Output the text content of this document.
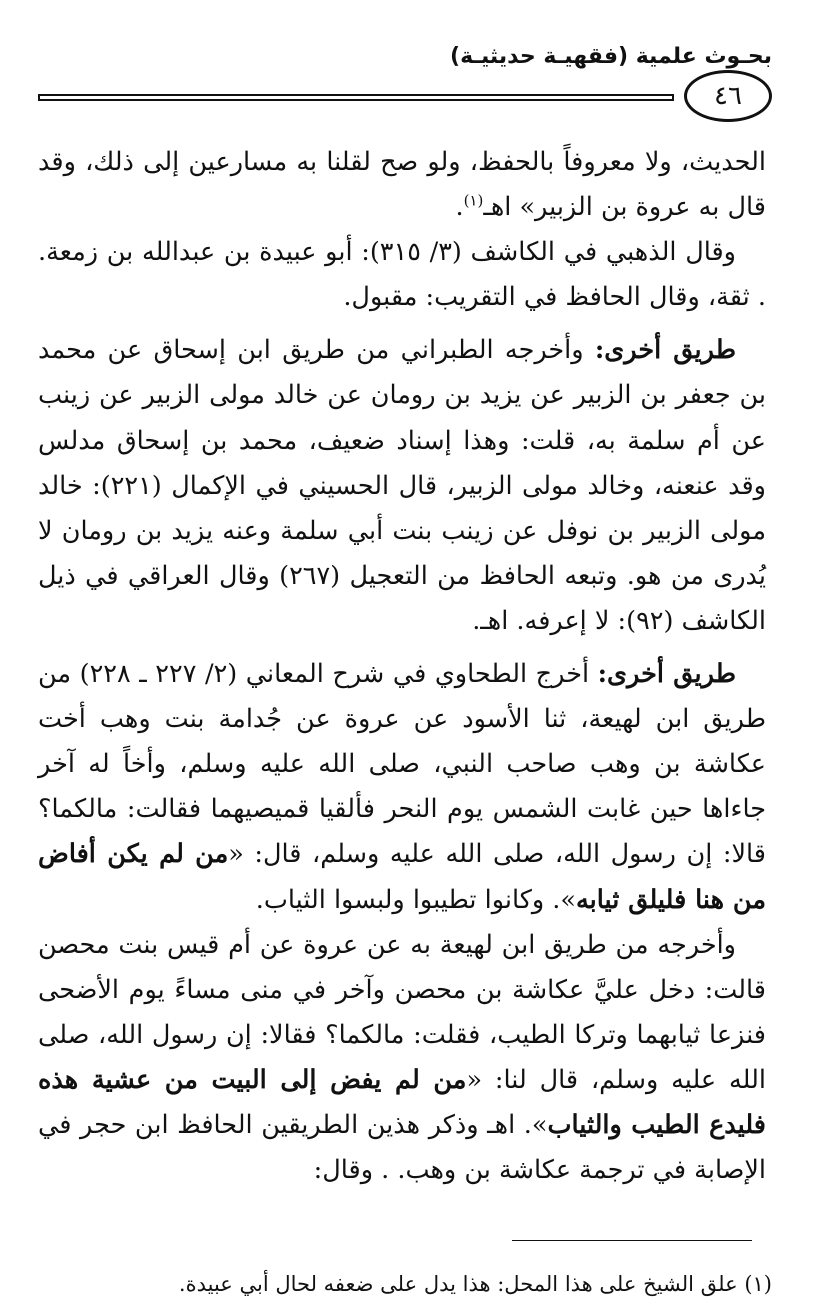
بحـوث علمية (فقهيـة حديثيـة)
٤٦

الحديث، ولا معروفاً بالحفظ، ولو صح لقلنا به مسارعين إلى ذلك، وقد قال به عروة بن الزبير» اهـ$^{(١)}$.

وقال الذهبي في الكاشف (٣/ ٣١٥): أبو عبيدة بن عبدالله بن زمعة. . ثقة، وقال الحافظ في التقريب: مقبول.

طريق أخرى: وأخرجه الطبراني من طريق ابن إسحاق عن محمد بن جعفر بن الزبير عن يزيد بن رومان عن خالد مولى الزبير عن زينب عن أم سلمة به، قلت: وهذا إسناد ضعيف، محمد بن إسحاق مدلس وقد عنعنه، وخالد مولى الزبير، قال الحسيني في الإكمال (٢٢١): خالد مولى الزبير بن نوفل عن زينب بنت أبي سلمة وعنه يزيد بن رومان لا يُدرى من هو. وتبعه الحافظ من التعجيل (٢٦٧) وقال العراقي في ذيل الكاشف (٩٢): لا إعرفه. اهـ.

طريق أخرى: أخرج الطحاوي في شرح المعاني (٢/ ٢٢٧ ـ ٢٢٨) من طريق ابن لهيعة، ثنا الأسود عن عروة عن جُدامة بنت وهب أخت عكاشة بن وهب صاحب النبي، صلى الله عليه وسلم، وأخاً له آخر جاءاها حين غابت الشمس يوم النحر فألقيا قميصيهما فقالت: مالكما؟ قالا: إن رسول الله، صلى الله عليه وسلم، قال: «من لم يكن أفاض من هنا فليلق ثيابه». وكانوا تطيبوا ولبسوا الثياب.

وأخرجه من طريق ابن لهيعة به عن عروة عن أم قيس بنت محصن قالت: دخل عليَّ عكاشة بن محصن وآخر في منى مساءً يوم الأضحى فنزعا ثيابهما وتركا الطيب، فقلت: مالكما؟ فقالا: إن رسول الله، صلى الله عليه وسلم، قال لنا: «من لم يفض إلى البيت من عشية هذه فليدع الطيب والثياب». اهـ وذكر هذين الطريقين الحافظ ابن حجر في الإصابة في ترجمة عكاشة بن وهب. . وقال:

(١) علق الشيخ على هذا المحل: هذا يدل على ضعفه لحال أبي عبيدة.
